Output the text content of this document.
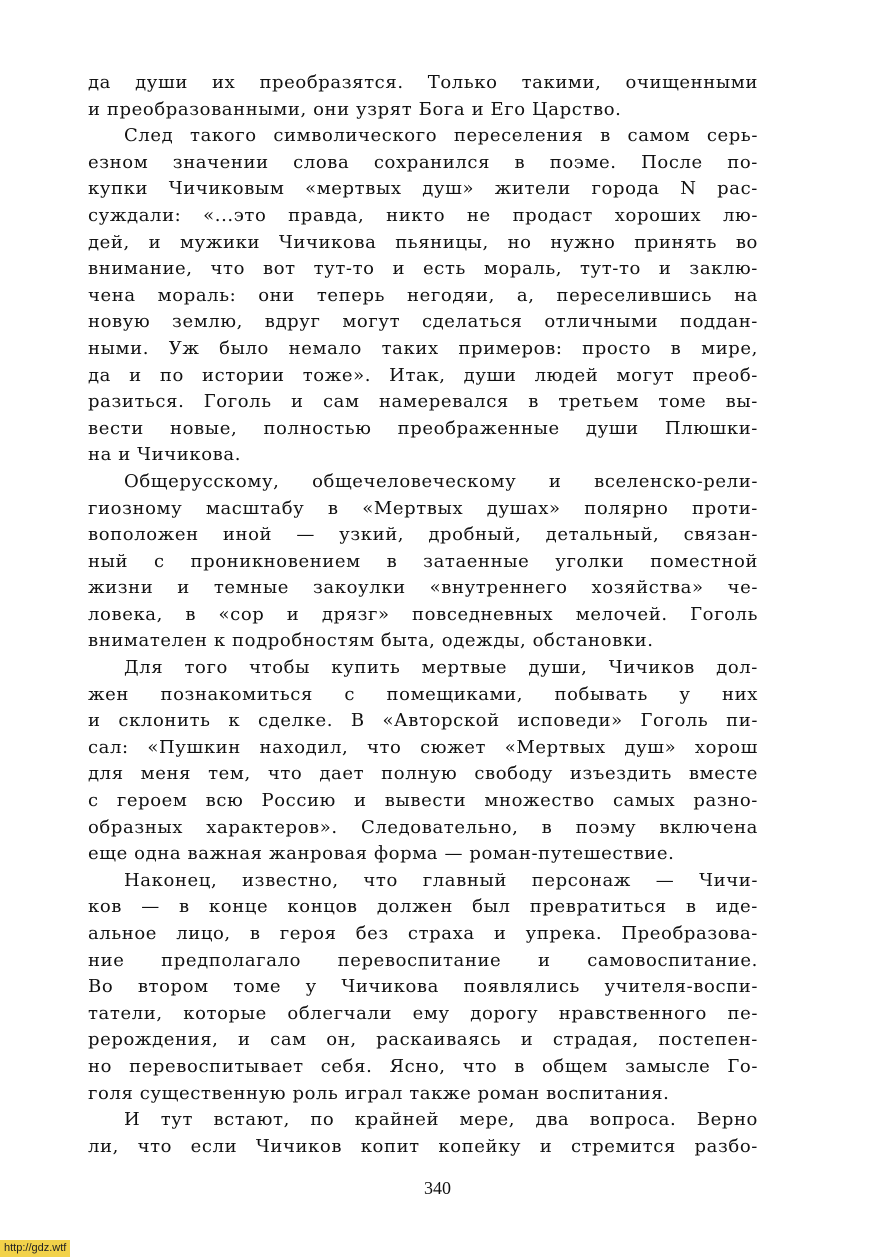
да души их преобразятся. Только такими, очищенными
и преобразованными, они узрят Бога и Его Царство.
След такого символического переселения в самом серь-
езном значении слова сохранился в поэме. После по-
купки Чичиковым «мертвых душ» жители города N рас-
суждали: «...это правда, никто не продаст хороших лю-
дей, и мужики Чичикова пьяницы, но нужно принять во
внимание, что вот тут-то и есть мораль, тут-то и заклю-
чена мораль: они теперь негодяи, а, переселившись на
новую землю, вдруг могут сделаться отличными поддан-
ными. Уж было немало таких примеров: просто в мире,
да и по истории тоже». Итак, души людей могут преоб-
разиться. Гоголь и сам намеревался в третьем томе вы-
вести новые, полностью преображенные души Плюшки-
на и Чичикова.
Общерусскому, общечеловеческому и вселенско-рели-
гиозному масштабу в «Мертвых душах» полярно проти-
воположен иной — узкий, дробный, детальный, связан-
ный с проникновением в затаенные уголки поместной
жизни и темные закоулки «внутреннего хозяйства» че-
ловека, в «сор и дрязг» повседневных мелочей. Гоголь
внимателен к подробностям быта, одежды, обстановки.
Для того чтобы купить мертвые души, Чичиков дол-
жен познакомиться с помещиками, побывать у них
и склонить к сделке. В «Авторской исповеди» Гоголь пи-
сал: «Пушкин находил, что сюжет «Мертвых душ» хорош
для меня тем, что дает полную свободу изъездить вместе
с героем всю Россию и вывести множество самых разно-
образных характеров». Следовательно, в поэму включена
еще одна важная жанровая форма — роман-путешествие.
Наконец, известно, что главный персонаж — Чичи-
ков — в конце концов должен был превратиться в иде-
альное лицо, в героя без страха и упрека. Преобразова-
ние предполагало перевоспитание и самовоспитание.
Во втором томе у Чичикова появлялись учителя-воспи-
татели, которые облегчали ему дорогу нравственного пе-
рерождения, и сам он, раскаиваясь и страдая, постепен-
но перевоспитывает себя. Ясно, что в общем замысле Го-
голя существенную роль играл также роман воспитания.
И тут встают, по крайней мере, два вопроса. Верно
ли, что если Чичиков копит копейку и стремится разбо-
340
http://gdz.wtf
